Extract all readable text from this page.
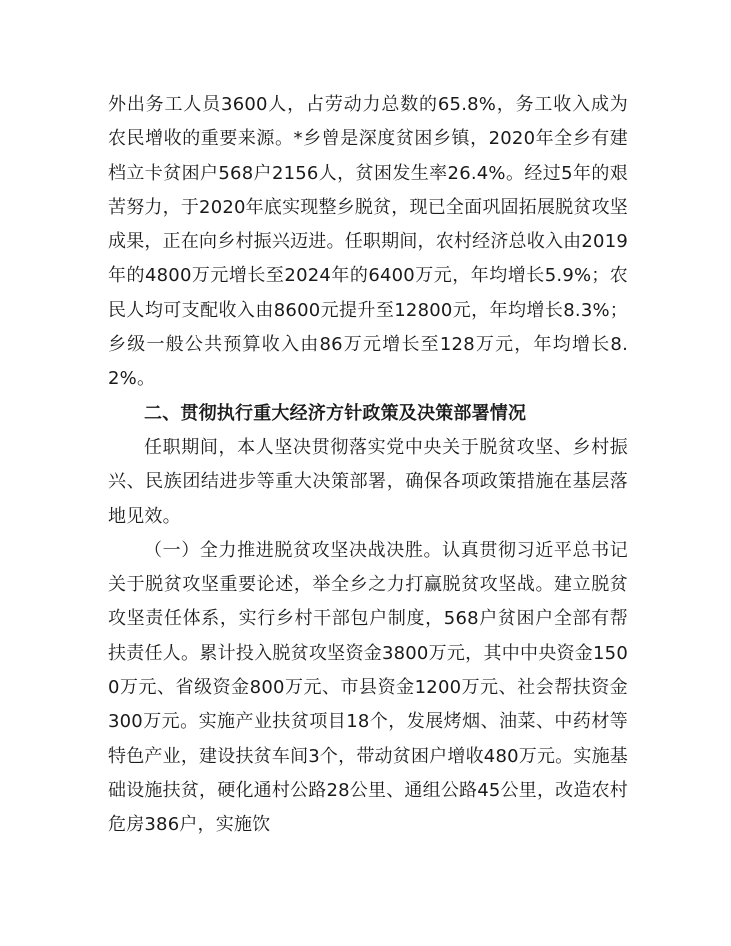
外出务工人员3600人，占劳动力总数的65.8%，务工收入成为农民增收的重要来源。*乡曾是深度贫困乡镇，2020年全乡有建档立卡贫困户568户2156人，贫困发生率26.4%。经过5年的艰苦努力，于2020年底实现整乡脱贫，现已全面巩固拓展脱贫攻坚成果，正在向乡村振兴迈进。任职期间，农村经济总收入由2019年的4800万元增长至2024年的6400万元，年均增长5.9%；农民人均可支配收入由8600元提升至12800元，年均增长8.3%；乡级一般公共预算收入由86万元增长至128万元，年均增长8.2%。

二、贯彻执行重大经济方针政策及决策部署情况

任职期间，本人坚决贯彻落实党中央关于脱贫攻坚、乡村振兴、民族团结进步等重大决策部署，确保各项政策措施在基层落地见效。

（一）全力推进脱贫攻坚决战决胜。认真贯彻习近平总书记关于脱贫攻坚重要论述，举全乡之力打赢脱贫攻坚战。建立脱贫攻坚责任体系，实行乡村干部包户制度，568户贫困户全部有帮扶责任人。累计投入脱贫攻坚资金3800万元，其中中央资金1500万元、省级资金800万元、市县资金1200万元、社会帮扶资金300万元。实施产业扶贫项目18个，发展烤烟、油菜、中药材等特色产业，建设扶贫车间3个，带动贫困户增收480万元。实施基础设施扶贫，硬化通村公路28公里、通组公路45公里，改造农村危房386户，实施饮
